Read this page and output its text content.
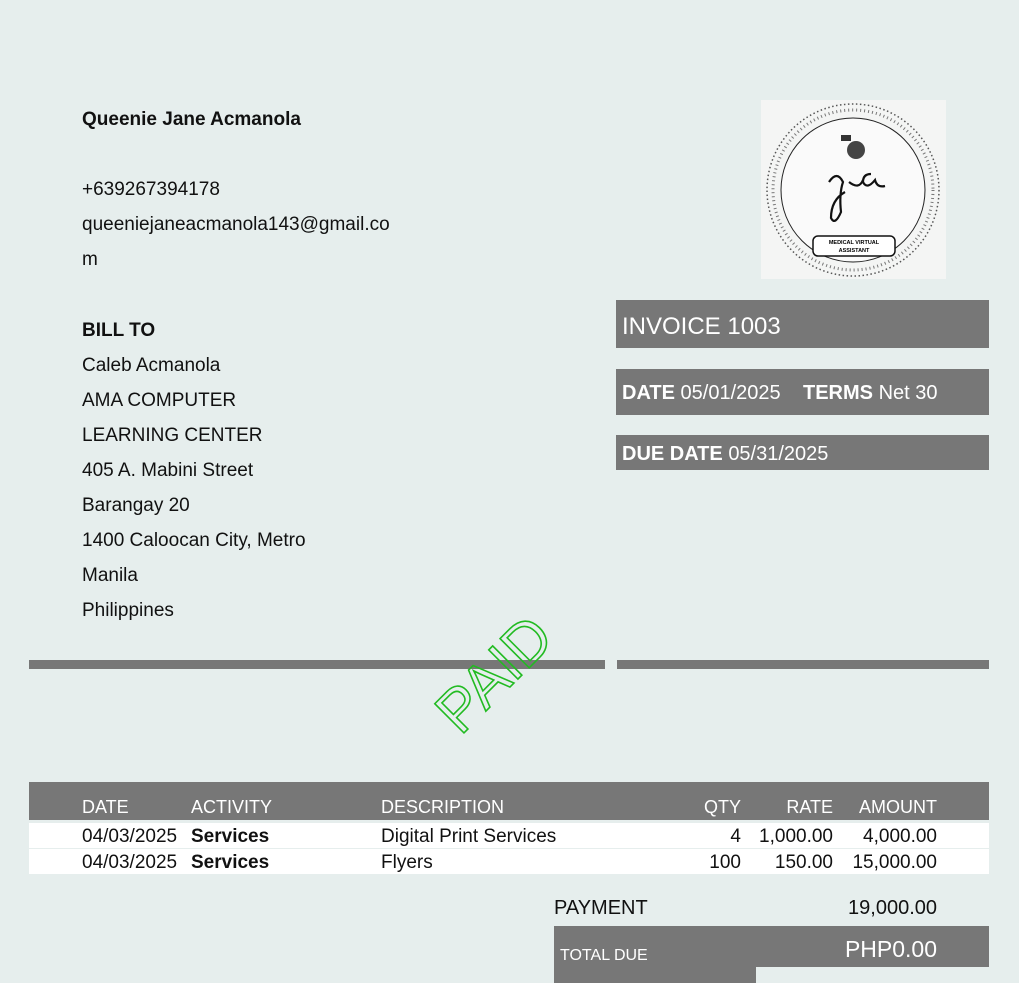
Queenie Jane Acmanola
+639267394178
queeniejaneacmanola143@gmail.co
m
MEDICAL VIRTUAL
ASSISTANT
BILL TO
Caleb Acmanola
AMA COMPUTER
LEARNING CENTER
405 A. Mabini Street
Barangay 20
1400 Caloocan City, Metro
Manila
Philippines
INVOICE 1003
DATE 05/01/2025 TERMS Net 30
DUE DATE 05/31/2025
PAID
DATE	ACTIVITY	DESCRIPTION	QTY	RATE	AMOUNT
04/03/2025 Services	Digital Print Services	4 1,000.00	4,000.00
04/03/2025 Services	Flyers	100	150.00	15,000.00
PAYMENT	19,000.00
TOTAL DUE	PHP0.00
